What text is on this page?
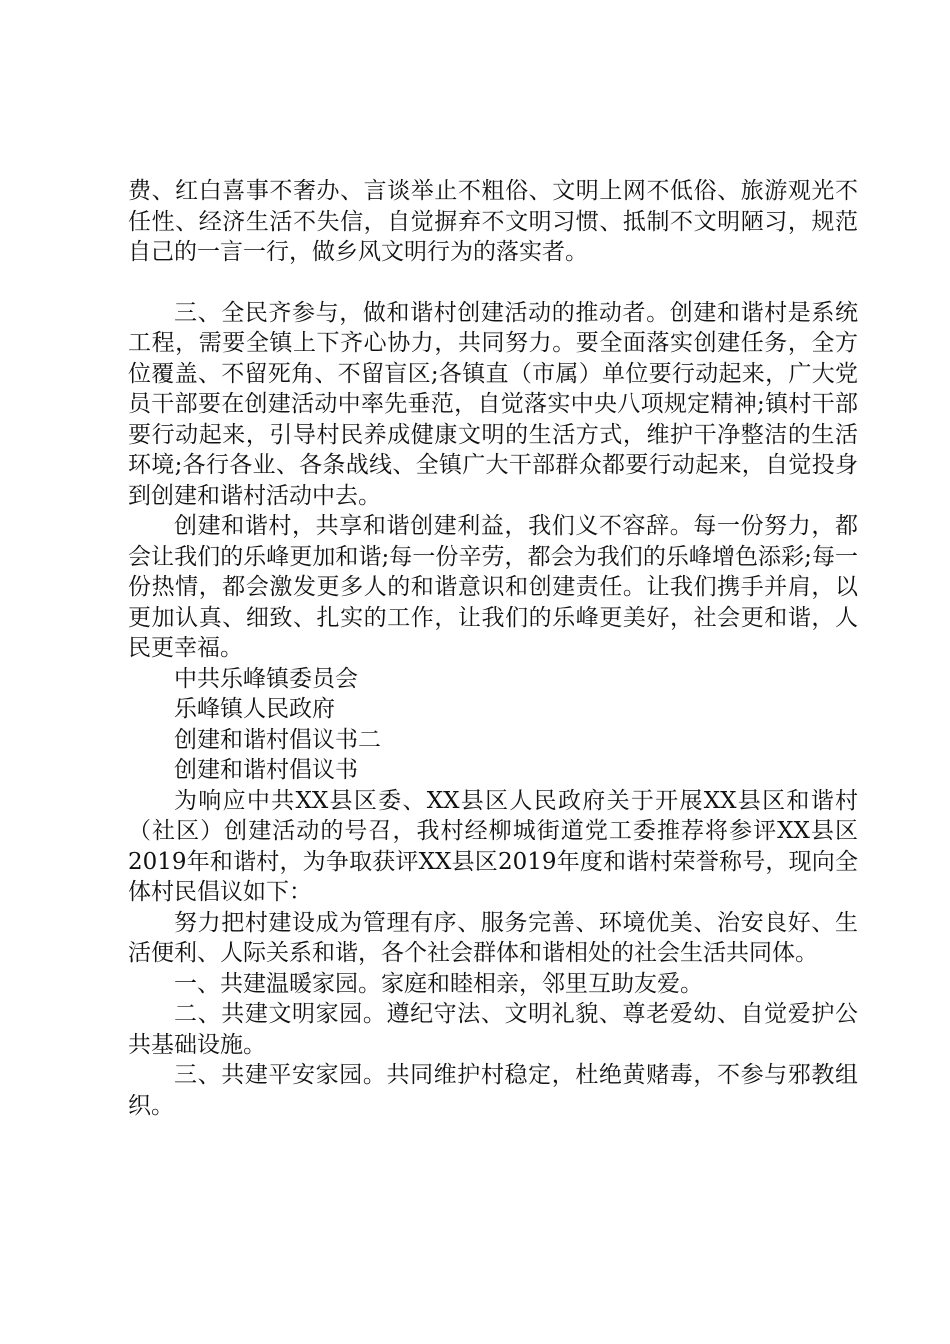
费、红白喜事不奢办、言谈举止不粗俗、文明上网不低俗、旅游观光不任性、经济生活不失信，自觉摒弃不文明习惯、抵制不文明陋习，规范自己的一言一行，做乡风文明行为的落实者。

三、全民齐参与，做和谐村创建活动的推动者。创建和谐村是系统工程，需要全镇上下齐心协力，共同努力。要全面落实创建任务，全方位覆盖、不留死角、不留盲区;各镇直（市属）单位要行动起来，广大党员干部要在创建活动中率先垂范，自觉落实中央八项规定精神;镇村干部要行动起来，引导村民养成健康文明的生活方式，维护干净整洁的生活环境;各行各业、各条战线、全镇广大干部群众都要行动起来，自觉投身到创建和谐村活动中去。

创建和谐村，共享和谐创建利益，我们义不容辞。每一份努力，都会让我们的乐峰更加和谐;每一份辛劳，都会为我们的乐峰增色添彩;每一份热情，都会激发更多人的和谐意识和创建责任。让我们携手并肩，以更加认真、细致、扎实的工作，让我们的乐峰更美好，社会更和谐，人民更幸福。

中共乐峰镇委员会

乐峰镇人民政府

创建和谐村倡议书二

创建和谐村倡议书

为响应中共XX县区委、XX县区人民政府关于开展XX县区和谐村（社区）创建活动的号召，我村经柳城街道党工委推荐将参评XX县区2019年和谐村，为争取获评XX县区2019年度和谐村荣誉称号，现向全体村民倡议如下：

努力把村建设成为管理有序、服务完善、环境优美、治安良好、生活便利、人际关系和谐，各个社会群体和谐相处的社会生活共同体。

一、共建温暖家园。家庭和睦相亲，邻里互助友爱。

二、共建文明家园。遵纪守法、文明礼貌、尊老爱幼、自觉爱护公共基础设施。

三、共建平安家园。共同维护村稳定，杜绝黄赌毒，不参与邪教组织。
